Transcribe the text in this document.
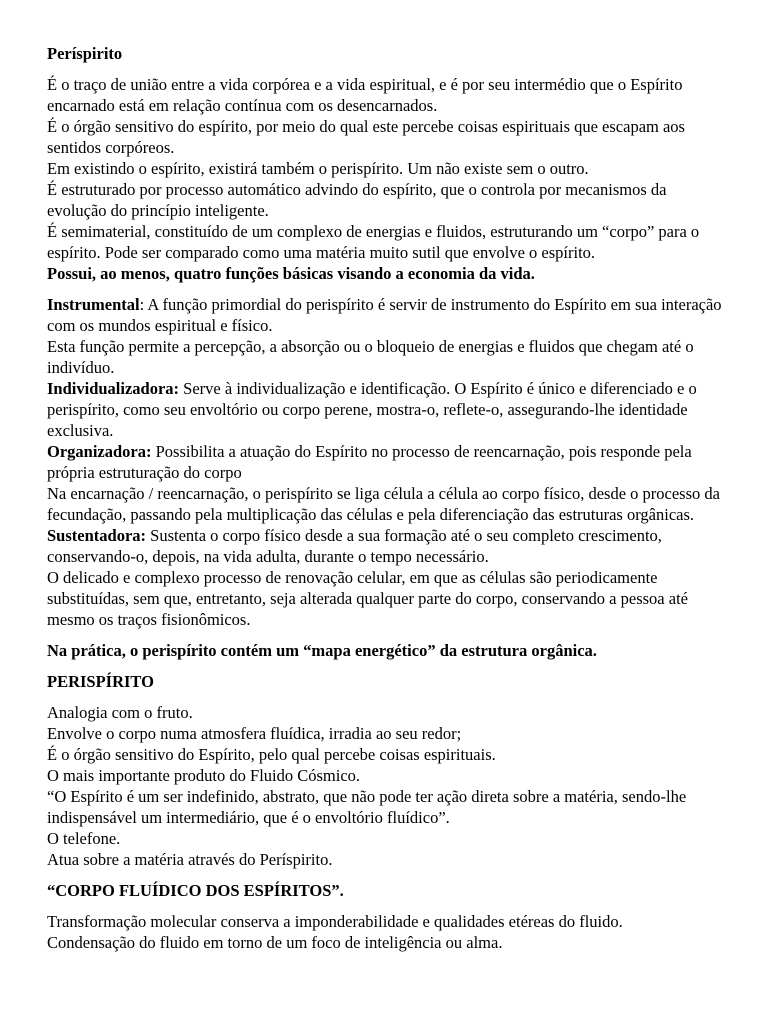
Períspirito

É o traço de união entre a vida corpórea e a vida espiritual, e é por seu intermédio que o Espírito encarnado está em relação contínua com os desencarnados.

É o órgão sensitivo do espírito, por meio do qual este percebe coisas espirituais que escapam aos sentidos corpóreos.

Em existindo o espírito, existirá também o perispírito. Um não existe sem o outro.

É estruturado por processo automático advindo do espírito, que o controla por mecanismos da evolução do princípio inteligente.

É semimaterial, constituído de um complexo de energias e fluidos, estruturando um “corpo” para o espírito. Pode ser comparado como uma matéria muito sutil que envolve o espírito.

Possui, ao menos, quatro funções básicas visando a economia da vida.

Instrumental: A função primordial do perispírito é servir de instrumento do Espírito em sua interação com os mundos espiritual e físico.

Esta função permite a percepção, a absorção ou o bloqueio de energias e fluidos que chegam até o indivíduo.

Individualizadora: Serve à individualização e identificação. O Espírito é único e diferenciado e o perispírito, como seu envoltório ou corpo perene, mostra-o, reflete-o, assegurando-lhe identidade exclusiva.

Organizadora: Possibilita a atuação do Espírito no processo de reencarnação, pois responde pela própria estruturação do corpo

Na encarnação / reencarnação, o perispírito se liga célula a célula ao corpo físico, desde o processo da fecundação, passando pela multiplicação das células e pela diferenciação das estruturas orgânicas.

Sustentadora: Sustenta o corpo físico desde a sua formação até o seu completo crescimento, conservando-o, depois, na vida adulta, durante o tempo necessário.

O delicado e complexo processo de renovação celular, em que as células são periodicamente substituídas, sem que, entretanto, seja alterada qualquer parte do corpo, conservando a pessoa até mesmo os traços fisionômicos.

Na prática, o perispírito contém um “mapa energético” da estrutura orgânica.

PERISPÍRITO

Analogia com o fruto.

Envolve o corpo numa atmosfera fluídica, irradia ao seu redor;

É o órgão sensitivo do Espírito, pelo qual percebe coisas espirituais.

O mais importante produto do Fluido Cósmico.

“O Espírito é um ser indefinido, abstrato, que não pode ter ação direta sobre a matéria, sendo-lhe indispensável um intermediário, que é o envoltório fluídico”.

O telefone.

Atua sobre a matéria através do Períspirito.

“CORPO FLUÍDICO DOS ESPÍRITOS”.

Transformação molecular conserva a imponderabilidade e qualidades etéreas do fluido.

Condensação do fluido em torno de um foco de inteligência ou alma.
